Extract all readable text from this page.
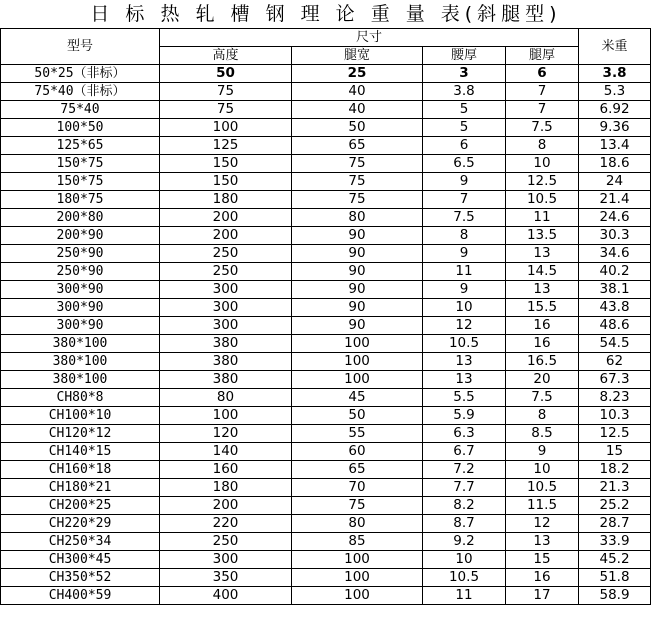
日 标 热 轧 槽 钢 理 论 重 量 表(斜腿型)
型号	尺寸				米重
	高度	腿宽	腰厚	腿厚	
50*25（非标）	50	25	3	6	3.8
75*40（非标）	75	40	3.8	7	5.3
75*40	75	40	5	7	6.92
100*50	100	50	5	7.5	9.36
125*65	125	65	6	8	13.4
150*75	150	75	6.5	10	18.6
150*75	150	75	9	12.5	24
180*75	180	75	7	10.5	21.4
200*80	200	80	7.5	11	24.6
200*90	200	90	8	13.5	30.3
250*90	250	90	9	13	34.6
250*90	250	90	11	14.5	40.2
300*90	300	90	9	13	38.1
300*90	300	90	10	15.5	43.8
300*90	300	90	12	16	48.6
380*100	380	100	10.5	16	54.5
380*100	380	100	13	16.5	62
380*100	380	100	13	20	67.3
CH80*8	80	45	5.5	7.5	8.23
CH100*10	100	50	5.9	8	10.3
CH120*12	120	55	6.3	8.5	12.5
CH140*15	140	60	6.7	9	15
CH160*18	160	65	7.2	10	18.2
CH180*21	180	70	7.7	10.5	21.3
CH200*25	200	75	8.2	11.5	25.2
CH220*29	220	80	8.7	12	28.7
CH250*34	250	85	9.2	13	33.9
CH300*45	300	100	10	15	45.2
CH350*52	350	100	10.5	16	51.8
CH400*59	400	100	11	17	58.9
